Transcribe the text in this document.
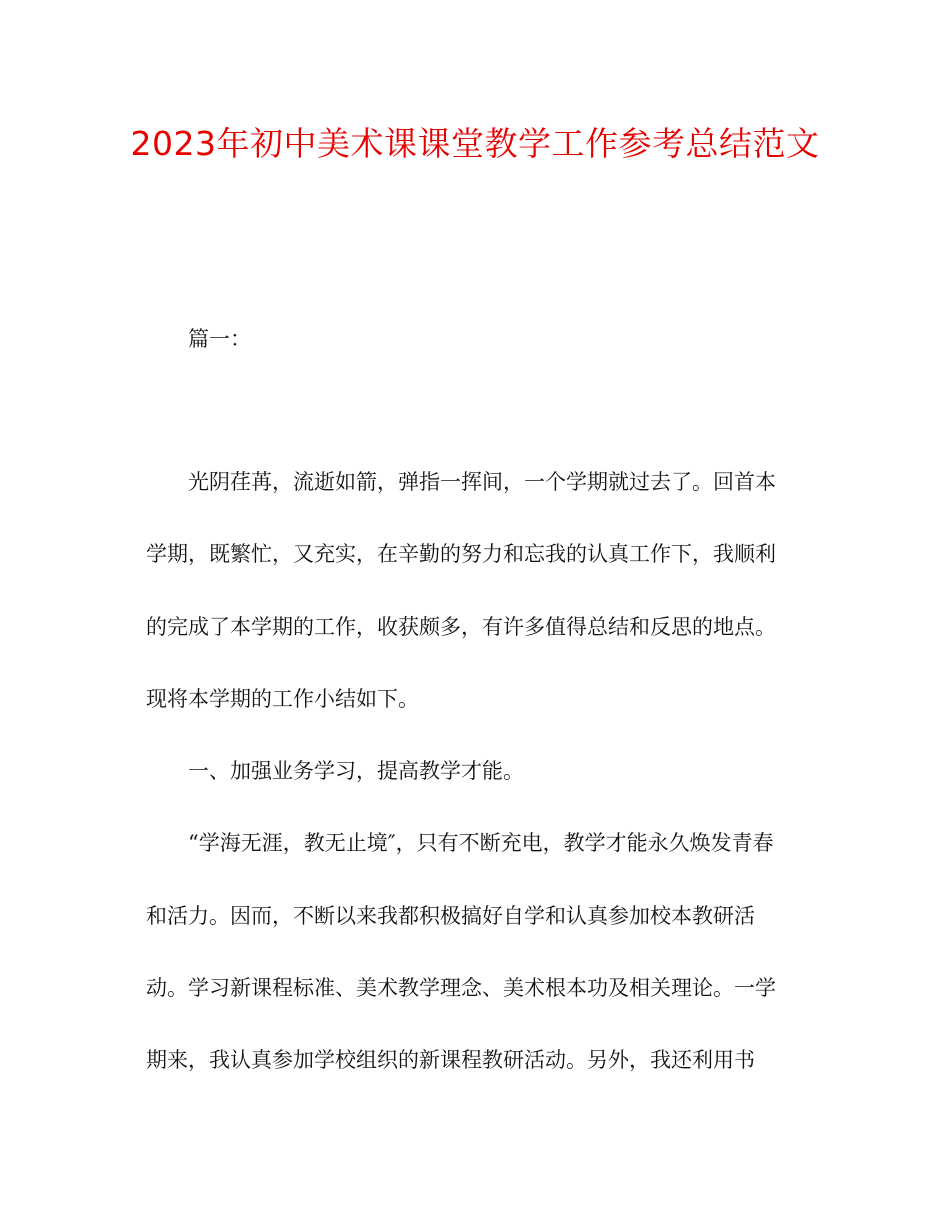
2023年初中美术课课堂教学工作参考总结范文
篇一：
光阴荏苒，流逝如箭，弹指一挥间，一个学期就过去了。回首本
学期，既繁忙，又充实，在辛勤的努力和忘我的认真工作下，我顺利
的完成了本学期的工作，收获颇多，有许多值得总结和反思的地点。
现将本学期的工作小结如下。
一、加强业务学习，提高教学才能。
“学海无涯，教无止境″，只有不断充电，教学才能永久焕发青春
和活力。因而，不断以来我都积极搞好自学和认真参加校本教研活
动。学习新课程标准、美术教学理念、美术根本功及相关理论。一学
期来，我认真参加学校组织的新课程教研活动。另外，我还利用书
